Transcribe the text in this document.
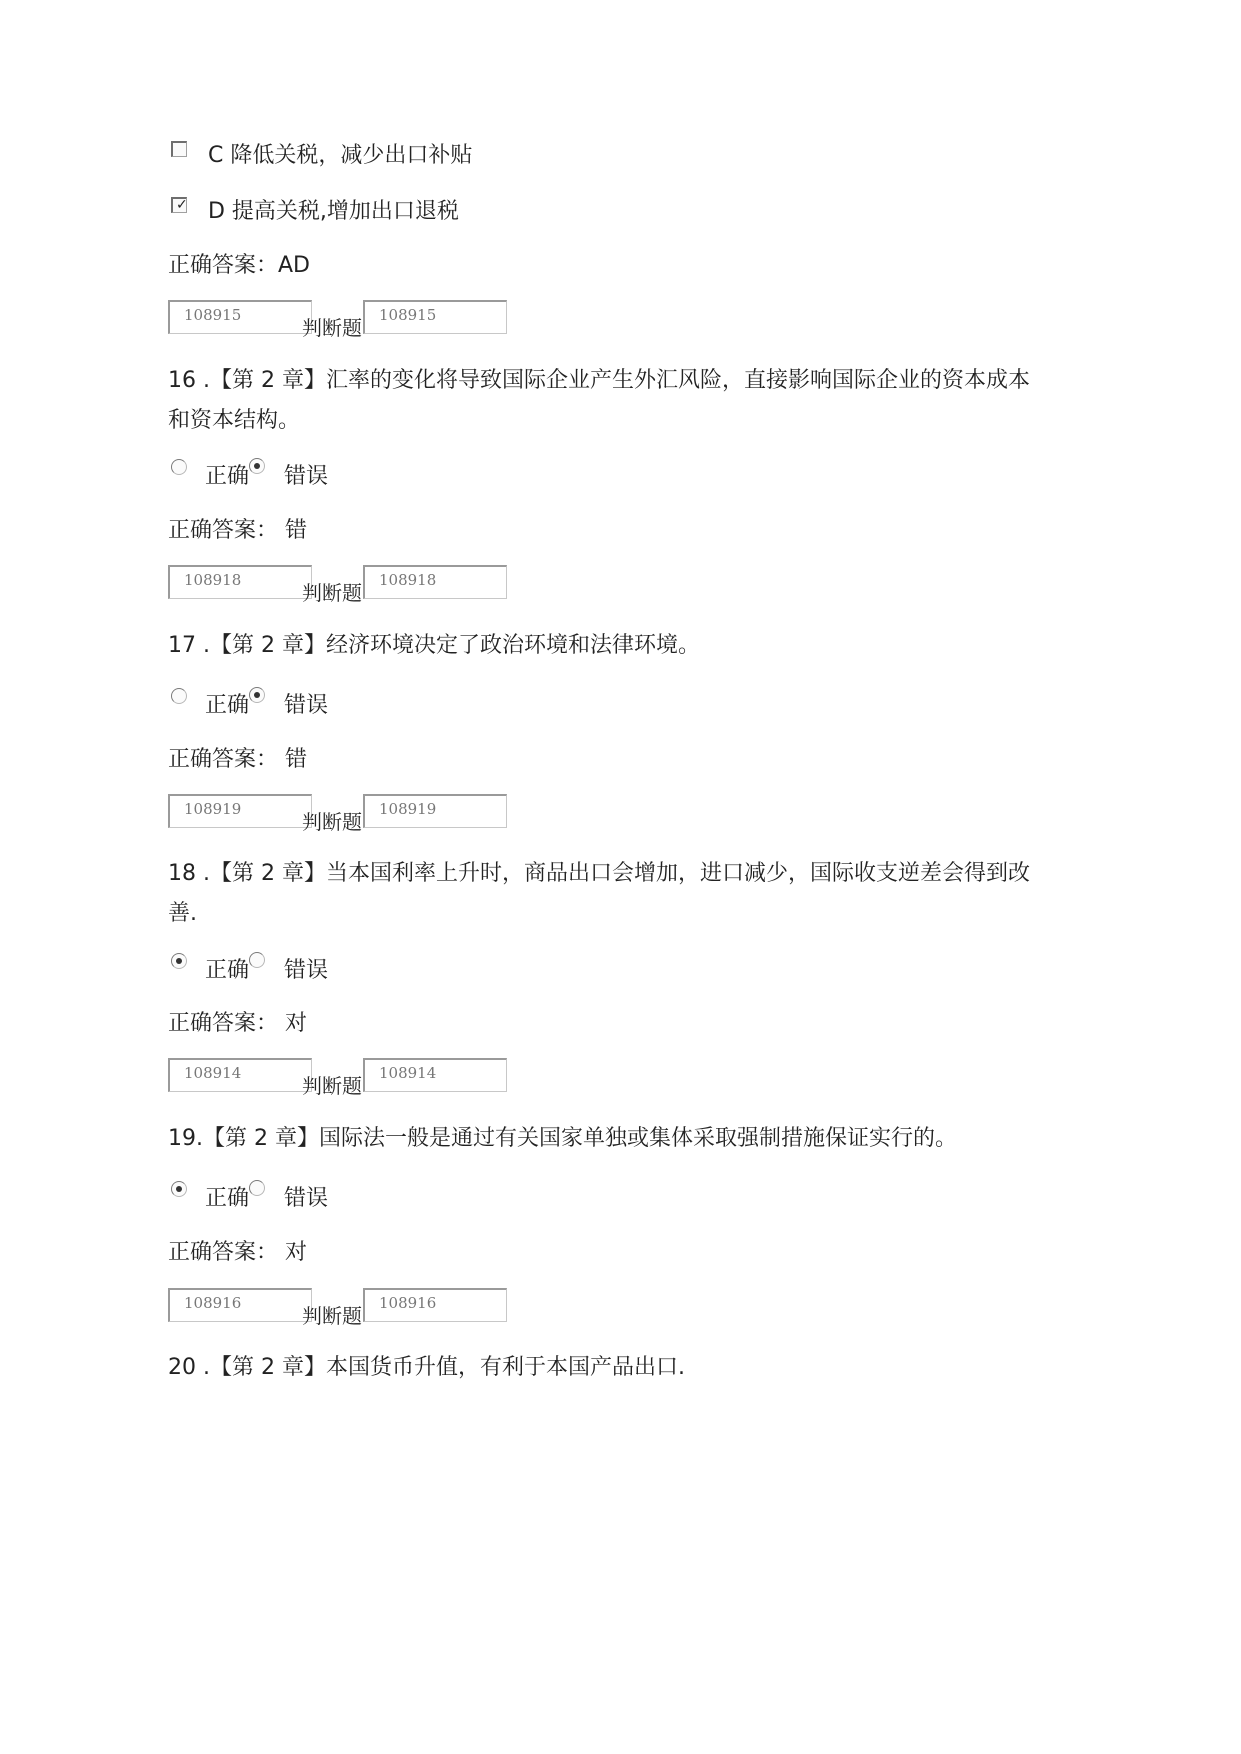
C 降低关税，减少出口补贴
✓ D 提高关税,增加出口退税
正确答案：AD
108915
判断题
108915
16 .【第 2 章】汇率的变化将导致国际企业产生外汇风险，直接影响国际企业的资本成本和资本结构。
正确 错误
正确答案： 错
108918
判断题
108918
17 .【第 2 章】经济环境决定了政治环境和法律环境。
正确 错误
正确答案： 错
108919
判断题
108919
18 .【第 2 章】当本国利率上升时，商品出口会增加，进口减少，国际收支逆差会得到改善.
正确 错误
正确答案： 对
108914
判断题
108914
19.【第 2 章】国际法一般是通过有关国家单独或集体采取强制措施保证实行的。
正确 错误
正确答案： 对
108916
判断题
108916
20 .【第 2 章】本国货币升值，有利于本国产品出口.
